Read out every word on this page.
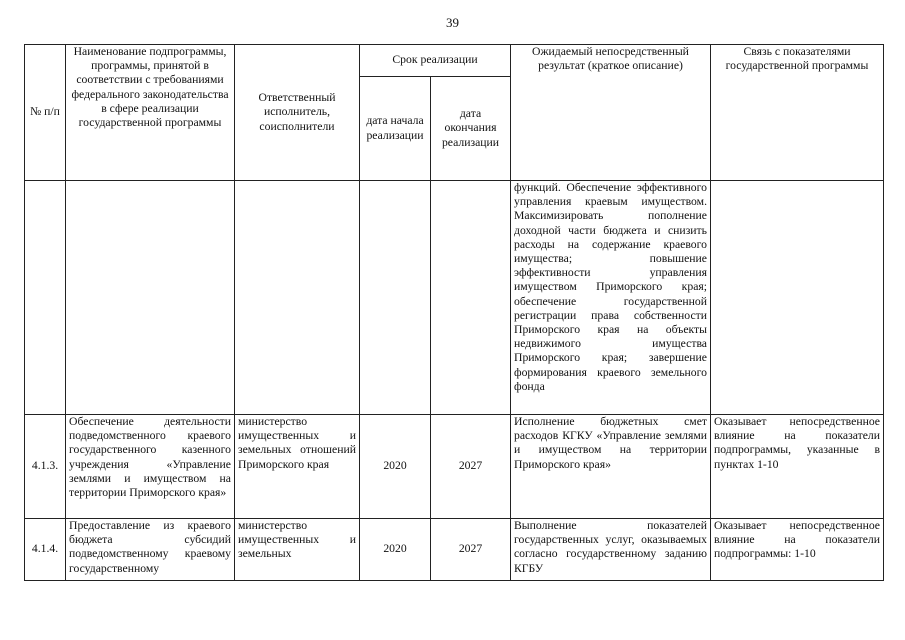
39
№ п/п	Наименование подпрограммы, программы, принятой в соответствии с требованиями федерального законодательства в сфере реализации государственной программы	Ответственный исполнитель, соисполнители	Срок реализации		Ожидаемый непосредственный результат (краткое описание)	Связь с показателями государственной программы
			дата начала реализации	дата окончания реализации		
					функций. Обеспечение эффективного управления краевым имуществом. Максимизировать пополнение доходной части бюджета и снизить расходы на содержание краевого имущества; повышение эффективности управления имуществом Приморского края; обеспечение государственной регистрации права собственности Приморского края на объекты недвижимого имущества Приморского края; завершение формирования краевого земельного фонда	
4.1.3.	Обеспечение деятельности подведомственного краевого государственного казенного учреждения «Управление землями и имуществом на территории Приморского края»	министерство имущественных и земельных отношений Приморского края	2020	2027	Исполнение бюджетных смет расходов КГКУ «Управление землями и имуществом на территории Приморского края»	Оказывает непосредственное влияние на показатели подпрограммы, указанные в пунктах 1-10
4.1.4.	Предоставление из краевого бюджета субсидий подведомственному краевому государственному	министерство имущественных и земельных	2020	2027	Выполнение показателей государственных услуг, оказываемых согласно государственному заданию КГБУ	Оказывает непосредственное влияние на показатели подпрограммы: 1-10
